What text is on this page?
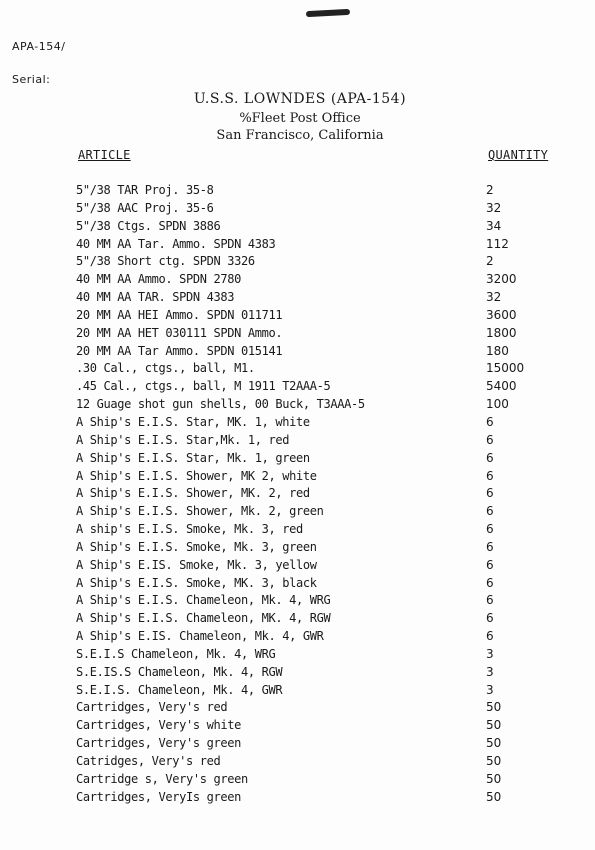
APA-154/
Serial:
U.S.S. LOWNDES (APA-154)
%Fleet Post Office
San Francisco, California
ARTICLE	QUANTITY
5"/38 TAR Proj. 35-8	2
5"/38 AAC Proj. 35-6	32
5"/38 Ctgs. SPDN 3886	34
40 MM AA Tar. Ammo. SPDN 4383	112
5"/38 Short ctg. SPDN 3326	2
40 MM AA Ammo. SPDN 2780	3200
40 MM AA TAR. SPDN 4383	32
20 MM AA HEI Ammo. SPDN 011711	3600
20 MM AA HET 030111 SPDN Ammo.	1800
20 MM AA Tar Ammo. SPDN 015141	180
.30 Cal., ctgs., ball, M1.	15000
.45 Cal., ctgs., ball, M 1911 T2AAA-5	5400
12 Guage shot gun shells, 00 Buck, T3AAA-5	100
A Ship's E.I.S. Star, MK. 1, white	6
A Ship's E.I.S. Star,Mk. 1, red	6
A Ship's E.I.S. Star, Mk. 1, green	6
A Ship's E.I.S. Shower, MK 2, white	6
A Ship's E.I.S. Shower, MK. 2, red	6
A Ship's E.I.S. Shower, Mk. 2, green	6
A ship's E.I.S. Smoke, Mk. 3, red	6
A Ship's E.I.S. Smoke, Mk. 3, green	6
A Ship's E.IS. Smoke, Mk. 3, yellow	6
A Ship's E.I.S. Smoke, MK. 3, black	6
A Ship's E.I.S. Chameleon, Mk. 4, WRG	6
A Ship's E.I.S. Chameleon, MK. 4, RGW	6
A Ship's E.IS. Chameleon, Mk. 4, GWR	6
S.E.I.S Chameleon, Mk. 4, WRG	3
S.E.IS.S Chameleon, Mk. 4, RGW	3
S.E.I.S. Chameleon, Mk. 4, GWR	3
Cartridges, Very's red	50
Cartridges, Very's white	50
Cartridges, Very's green	50
Catridges, Very's red	50
Cartridge s, Very's green	50
Cartridges, VeryIs green	50
